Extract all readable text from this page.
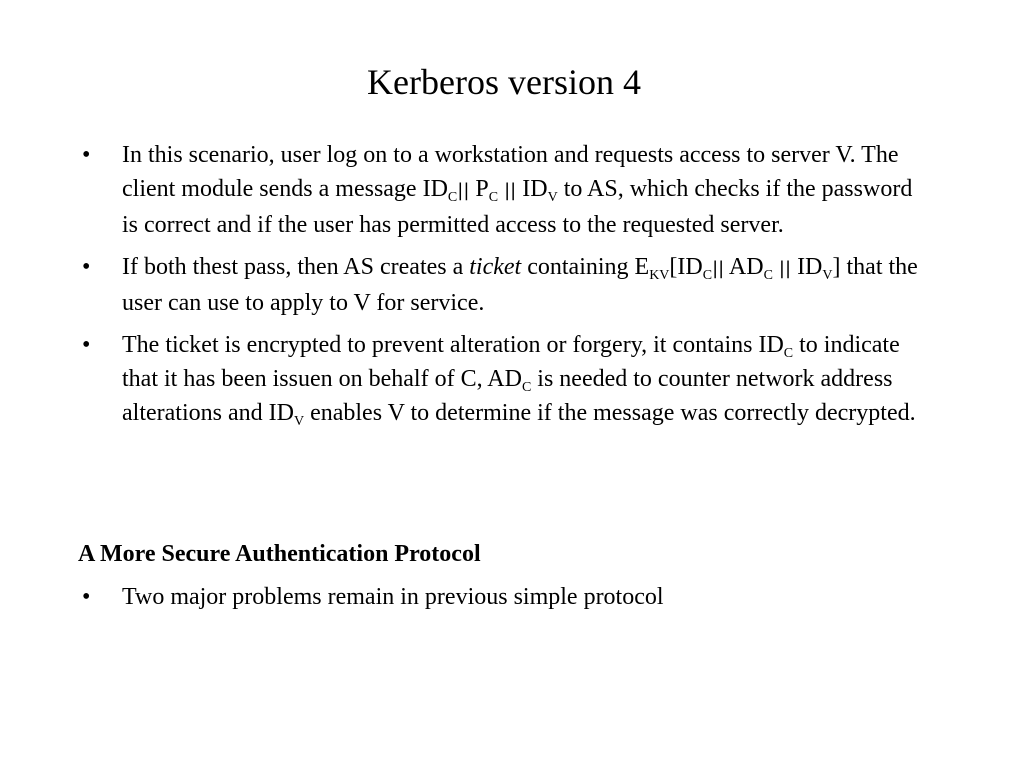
Kerberos version 4
• In this scenario, user log on to a workstation and requests access to server V. The client module sends a message $ID_C||$ $P_C$ || $ID_V$ to AS, which checks if the password is correct and if the user has permitted access to the requested server.
• If both thest pass, then AS creates a ticket containing $E_{KV}[ID_C||$ $AD_C$ || $ID_V$] that the user can use to apply to V for service.
• The ticket is encrypted to prevent alteration or forgery, it contains $ID_C$ to indicate that it has been issuen on behalf of C, $AD_C$ is needed to counter network address alterations and $ID_V$ enables V to determine if the message was correctly decrypted.
A More Secure Authentication Protocol
• Two major problems remain in previous simple protocol
